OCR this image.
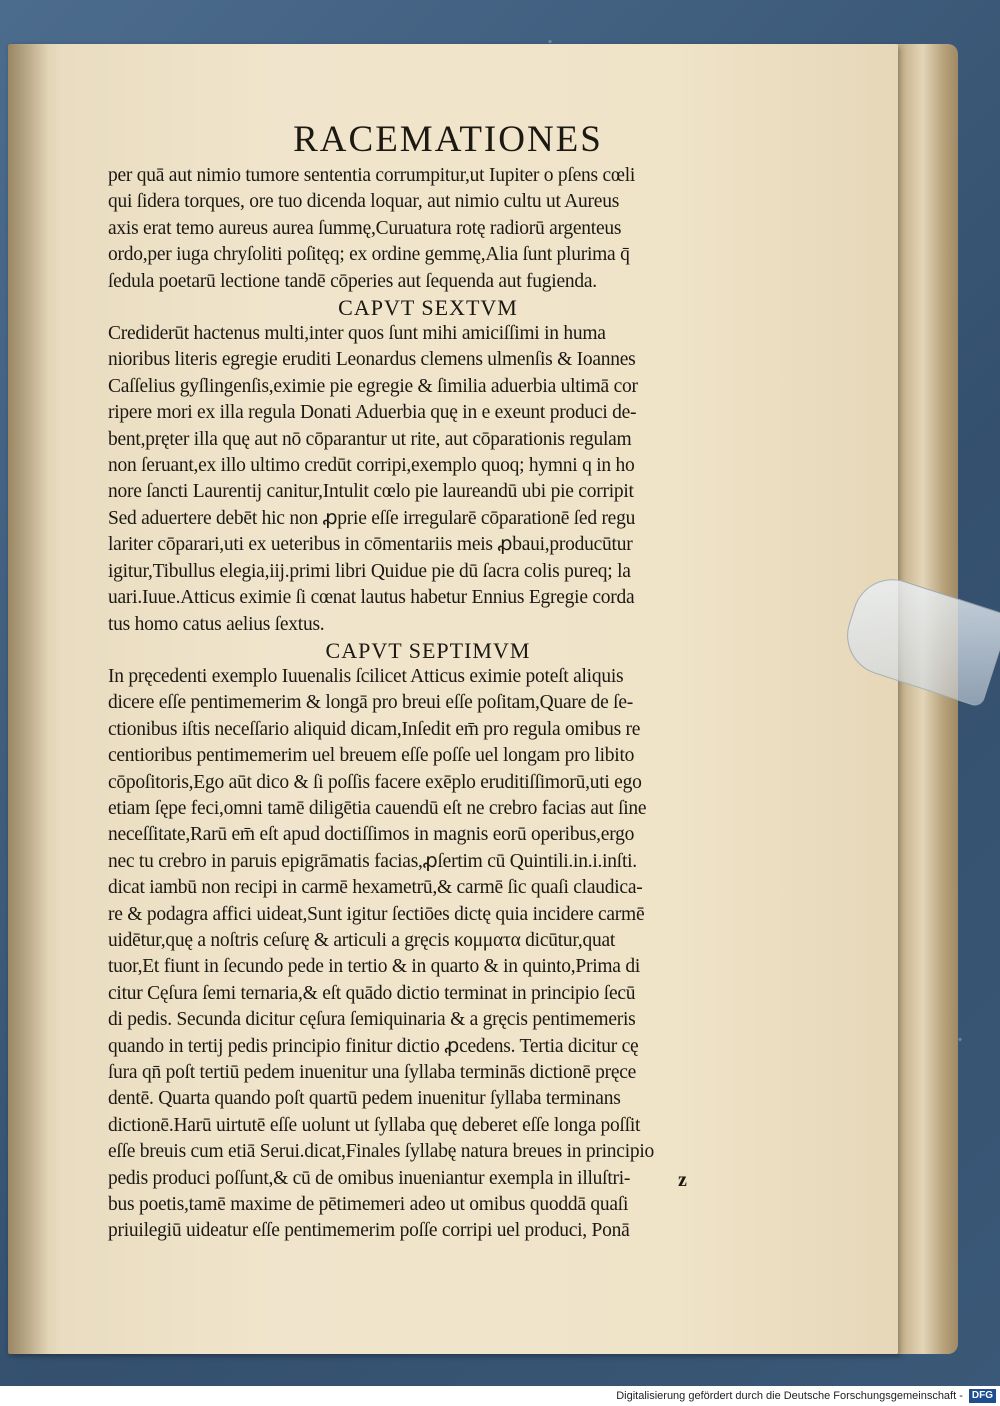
RACEMATIONES
per quā aut nimio tumore sententia corrumpitur,ut Iupiter o pſens cœli
qui ſidera torques, ore tuo dicenda loquar, aut nimio cultu ut Aureus
axis erat temo aureus aurea ſummę,Curuatura rotę radiorū argenteus
ordo,per iuga chryſoliti poſitęq; ex ordine gemmę,Alia ſunt plurima q̄
ſedula poetarū lectione tandē cōperies aut ſequenda aut fugienda.
CAPVT SEXTVM
Crediderūt hactenus multi,inter quos ſunt mihi amiciſſimi in huma
nioribus literis egregie eruditi Leonardus clemens ulmenſis & Ioannes
Caſſelius gyſlingenſis,eximie pie egregie & ſimilia aduerbia ultimā cor
ripere mori ex illa regula Donati Aduerbia quę in e exeunt produci de-
bent,pręter illa quę aut nō cōparantur ut rite, aut cōparationis regulam
non ſeruant,ex illo ultimo credūt corripi,exemplo quoq; hymni q in ho
nore ſancti Laurentij canitur,Intulit cœlo pie laureandū ubi pie corripit
Sed aduertere debēt hic non ꝓprie eſſe irregularē cōparationē ſed regu
lariter cōparari,uti ex ueteribus in cōmentariis meis ꝓbaui,producūtur
igitur,Tibullus elegia,iij.primi libri Quidue pie dū ſacra colis pureq; la
uari.Iuue.Atticus eximie ſi cœnat lautus habetur Ennius Egregie corda
tus homo catus aelius ſextus.
CAPVT SEPTIMVM
In pręcedenti exemplo Iuuenalis ſcilicet Atticus eximie poteſt aliquis
dicere eſſe pentimemerim & longā pro breui eſſe poſitam,Quare de ſe-
ctionibus iſtis neceſſario aliquid dicam,Inſedit em̄ pro regula omibus re
centioribus pentimemerim uel breuem eſſe poſſe uel longam pro libito
cōpoſitoris,Ego aūt dico & ſi poſſis facere exēplo eruditiſſimorū,uti ego
etiam ſępe feci,omni tamē diligētia cauendū eſt ne crebro facias aut ſine
neceſſitate,Rarū em̄ eſt apud doctiſſimos in magnis eorū operibus,ergo
nec tu crebro in paruis epigrāmatis facias,ꝓſertim cū Quintili.in.i.inſti.
dicat iambū non recipi in carmē hexametrū,& carmē ſic quaſi claudica-
re & podagra affici uideat,Sunt igitur ſectiōes dictę quia incidere carmē
uidētur,quę a noſtris ceſurę & articuli a gręcis κομματα dicūtur,quat
tuor,Et fiunt in ſecundo pede in tertio & in quarto & in quinto,Prima di
citur Cęſura ſemi ternaria,& eſt quādo dictio terminat in principio ſecū
di pedis. Secunda dicitur cęſura ſemiquinaria & a gręcis pentimemeris
quando in tertij pedis principio finitur dictio ꝓcedens. Tertia dicitur cę
ſura qn̄ poſt tertiū pedem inuenitur una ſyllaba terminās dictionē pręce
dentē. Quarta quando poſt quartū pedem inuenitur ſyllaba terminans
dictionē.Harū uirtutē eſſe uolunt ut ſyllaba quę deberet eſſe longa poſſit
eſſe breuis cum etiā Serui.dicat,Finales ſyllabę natura breues in principio
pedis produci poſſunt,& cū de omibus inueniantur exempla in illuſtri-
bus poetis,tamē maxime de pētimemeri adeo ut omibus quoddā quaſi
priuilegiū uideatur eſſe pentimemerim poſſe corripi uel produci, Ponā
z
Digitalisierung gefördert durch die Deutsche Forschungsgemeinschaft - DFG
